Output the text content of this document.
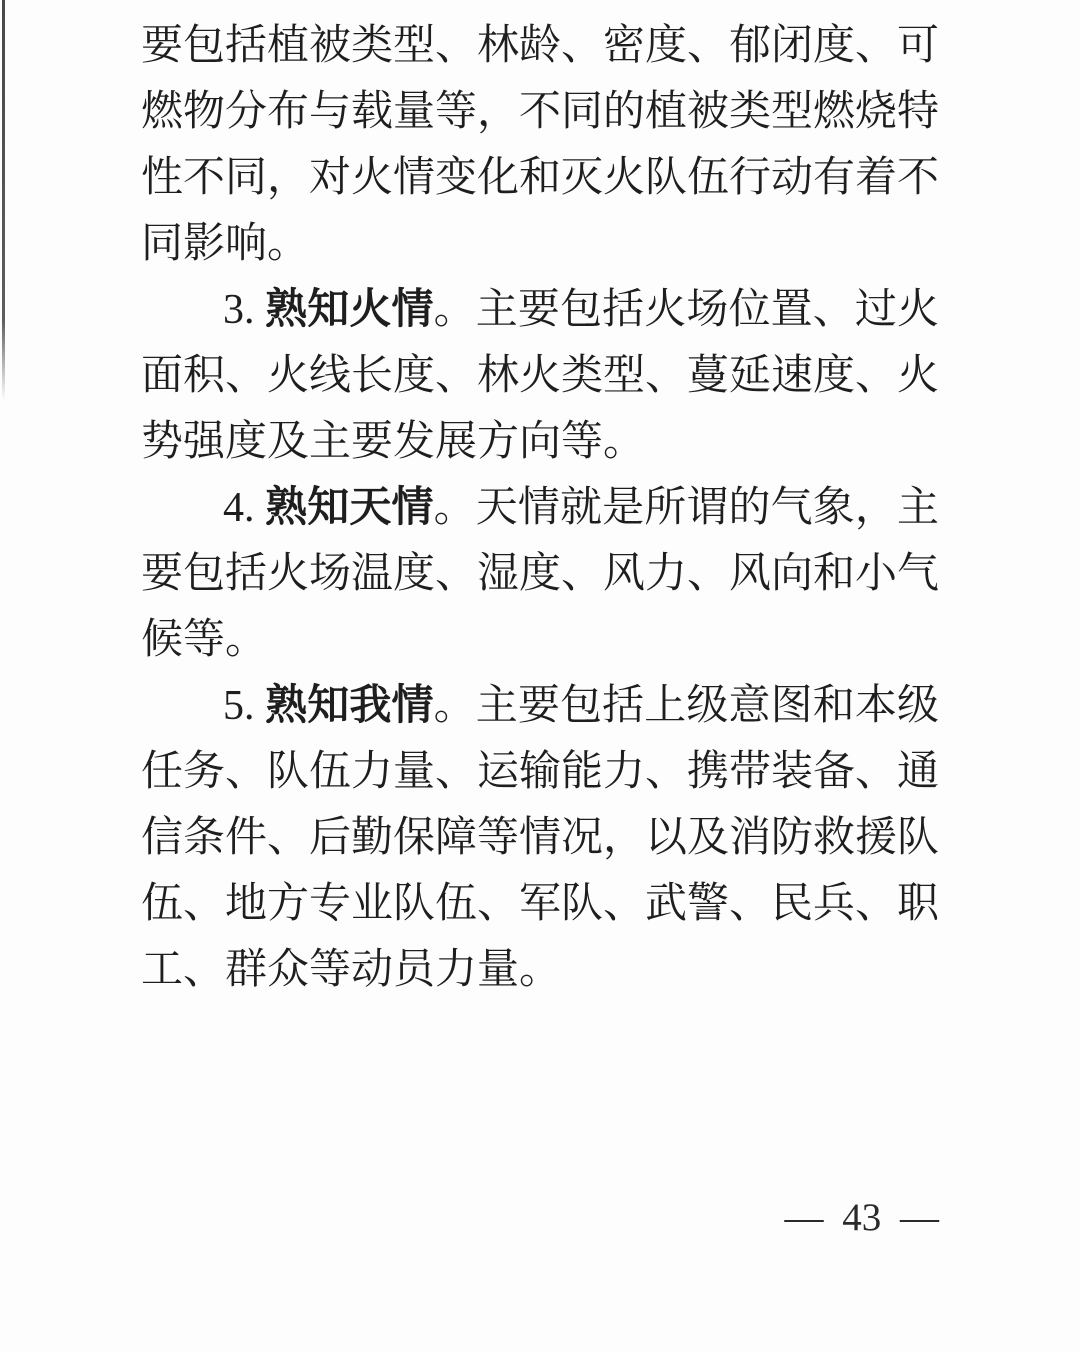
要包括植被类型、林龄、密度、郁闭度、可
燃物分布与载量等，不同的植被类型燃烧特
性不同，对火情变化和灭火队伍行动有着不
同影响。
3. 熟知火情。主要包括火场位置、过火
面积、火线长度、林火类型、蔓延速度、火
势强度及主要发展方向等。
4. 熟知天情。天情就是所谓的气象，主
要包括火场温度、湿度、风力、风向和小气
候等。
5. 熟知我情。主要包括上级意图和本级
任务、队伍力量、运输能力、携带装备、通
信条件、后勤保障等情况，以及消防救援队
伍、地方专业队伍、军队、武警、民兵、职
工、群众等动员力量。
— 43 —
